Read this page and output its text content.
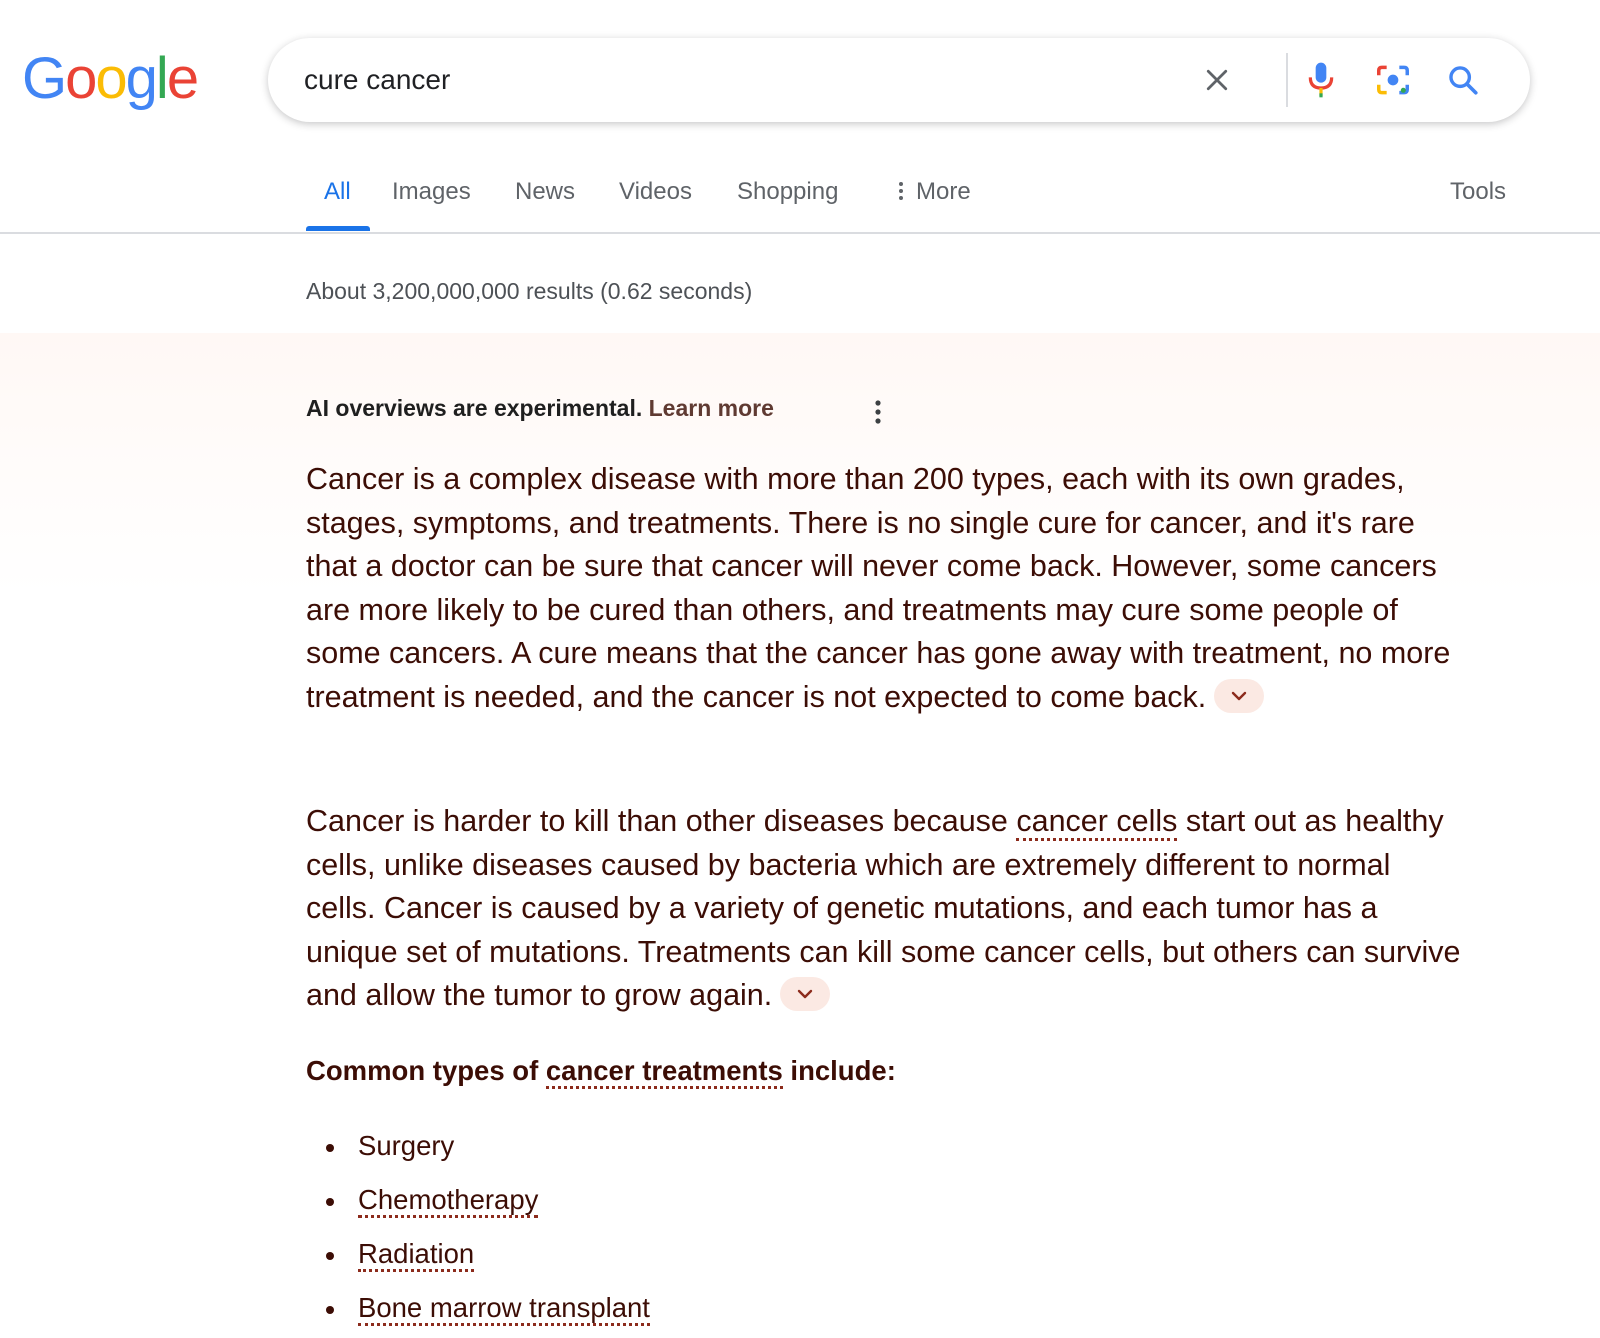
Google
cure cancer
All Images News Videos Shopping	More	Tools
About 3,200,000,000 results (0.62 seconds)
AI overviews are experimental. Learn more
Cancer is a complex disease with more than 200 types, each with its own grades, stages, symptoms, and treatments. There is no single cure for cancer, and it's rare that a doctor can be sure that cancer will never come back. However, some cancers are more likely to be cured than others, and treatments may cure some people of some cancers. A cure means that the cancer has gone away with treatment, no more treatment is needed, and the cancer is not expected to come back.
Cancer is harder to kill than other diseases because cancer cells start out as healthy cells, unlike diseases caused by bacteria which are extremely different to normal cells. Cancer is caused by a variety of genetic mutations, and each tumor has a unique set of mutations. Treatments can kill some cancer cells, but others can survive and allow the tumor to grow again.
Common types of cancer treatments include:
Surgery
Chemotherapy
Radiation
Bone marrow transplant
